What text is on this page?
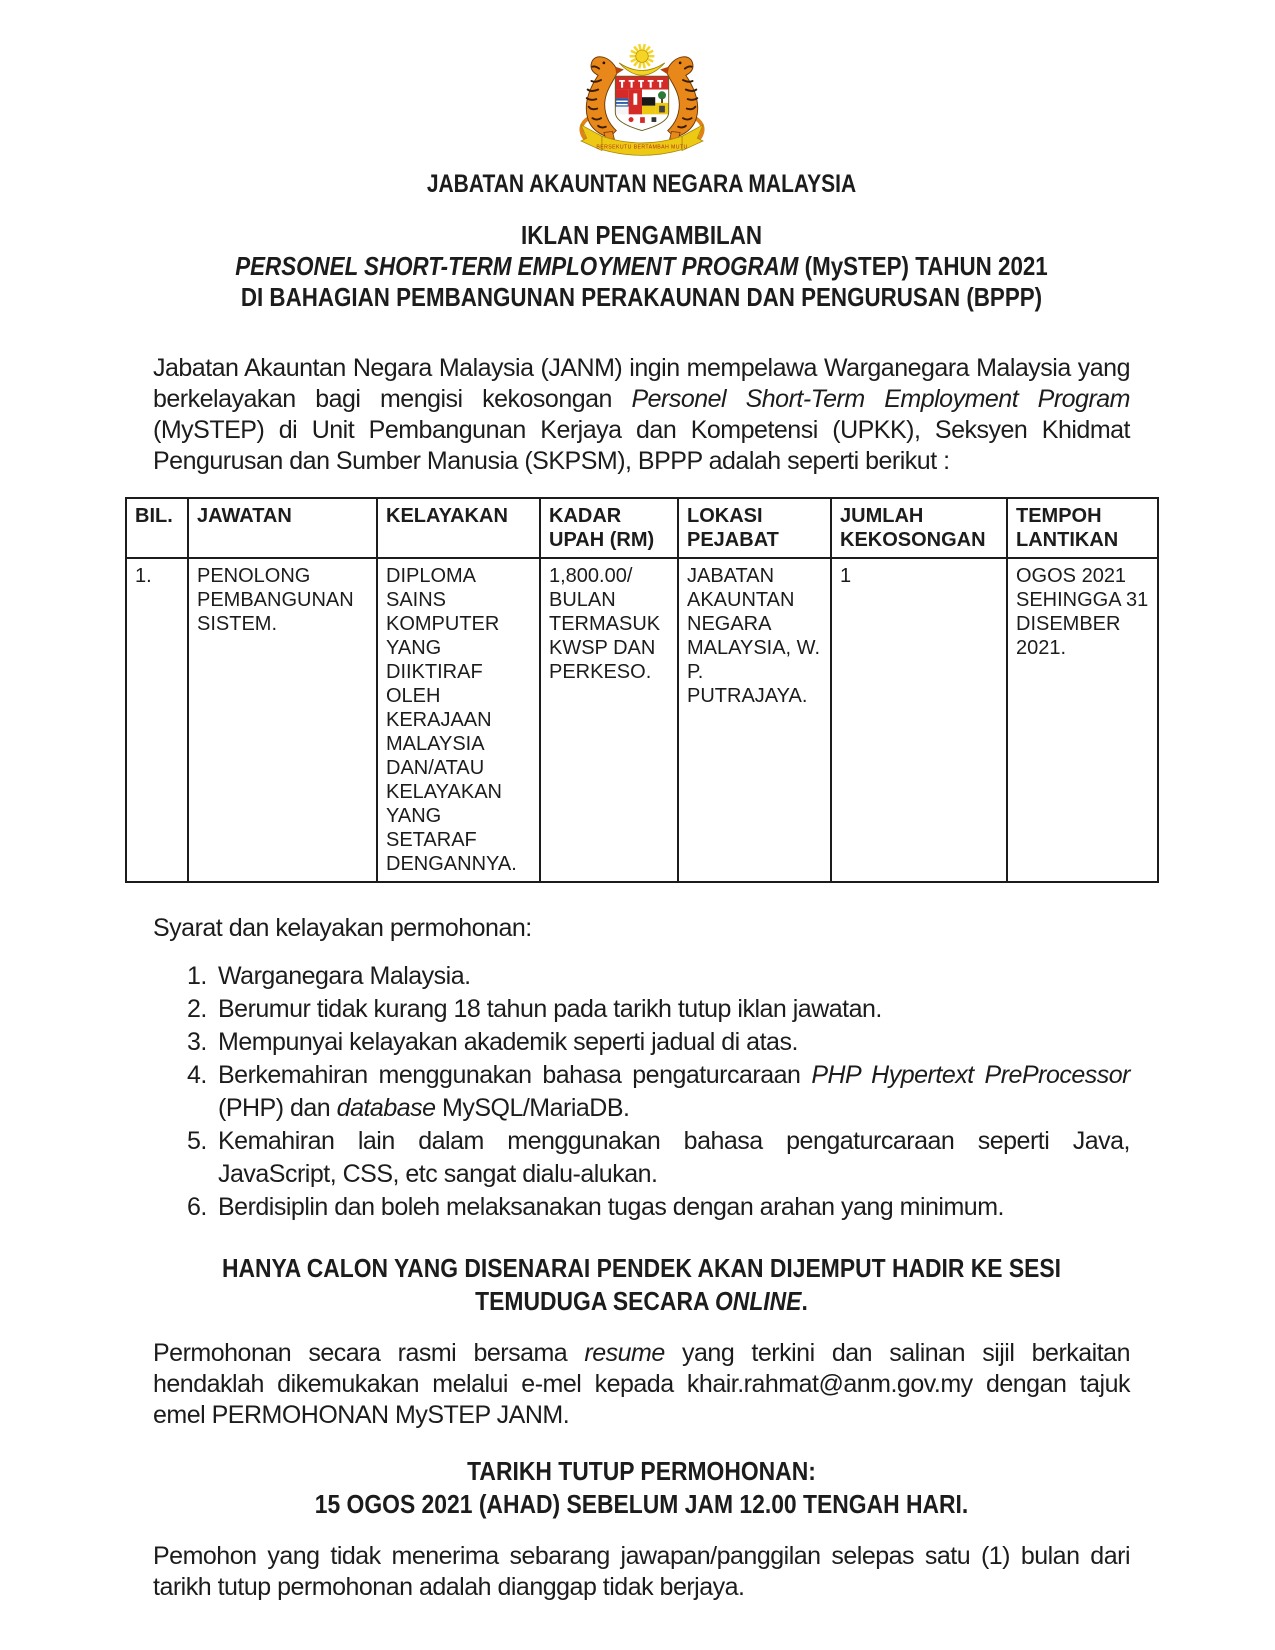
BERSEKUTU BERTAMBAH MUTU
JABATAN AKAUNTAN NEGARA MALAYSIA
IKLAN PENGAMBILAN
PERSONEL SHORT-TERM EMPLOYMENT PROGRAM (MySTEP) TAHUN 2021
DI BAHAGIAN PEMBANGUNAN PERAKAUNAN DAN PENGURUSAN (BPPP)

Jabatan Akauntan Negara Malaysia (JANM) ingin mempelawa Warganegara Malaysia yang berkelayakan bagi mengisi kekosongan Personel Short-Term Employment Program (MySTEP) di Unit Pembangunan Kerjaya dan Kompetensi (UPKK), Seksyen Khidmat Pengurusan dan Sumber Manusia (SKPSM), BPPP adalah seperti berikut :

BIL.	JAWATAN	KELAYAKAN	KADAR UPAH (RM)	LOKASI PEJABAT	JUMLAH KEKOSONGAN	TEMPOH LANTIKAN
1.	PENOLONG PEMBANGUNAN SISTEM.	DIPLOMA SAINS KOMPUTER YANG DIIKTIRAF OLEH KERAJAAN MALAYSIA DAN/ATAU KELAYAKAN YANG SETARAF DENGANNYA.	1,800.00/ BULAN TERMASUK KWSP DAN PERKESO.	JABATAN AKAUNTAN NEGARA MALAYSIA, W. P. PUTRAJAYA.	1	OGOS 2021 SEHINGGA 31 DISEMBER 2021.

Syarat dan kelayakan permohonan:

1. Warganegara Malaysia.
2. Berumur tidak kurang 18 tahun pada tarikh tutup iklan jawatan.
3. Mempunyai kelayakan akademik seperti jadual di atas.
4. Berkemahiran menggunakan bahasa pengaturcaraan PHP Hypertext PreProcessor (PHP) dan database MySQL/MariaDB.
5. Kemahiran lain dalam menggunakan bahasa pengaturcaraan seperti Java, JavaScript, CSS, etc sangat dialu-alukan.
6. Berdisiplin dan boleh melaksanakan tugas dengan arahan yang minimum.
HANYA CALON YANG DISENARAI PENDEK AKAN DIJEMPUT HADIR KE SESI
TEMUDUGA SECARA ONLINE.

Permohonan secara rasmi bersama resume yang terkini dan salinan sijil berkaitan hendaklah dikemukakan melalui e-mel kepada khair.rahmat@anm.gov.my dengan tajuk emel PERMOHONAN MySTEP JANM.

TARIKH TUTUP PERMOHONAN:
15 OGOS 2021 (AHAD) SEBELUM JAM 12.00 TENGAH HARI.

Pemohon yang tidak menerima sebarang jawapan/panggilan selepas satu (1) bulan dari tarikh tutup permohonan adalah dianggap tidak berjaya.
